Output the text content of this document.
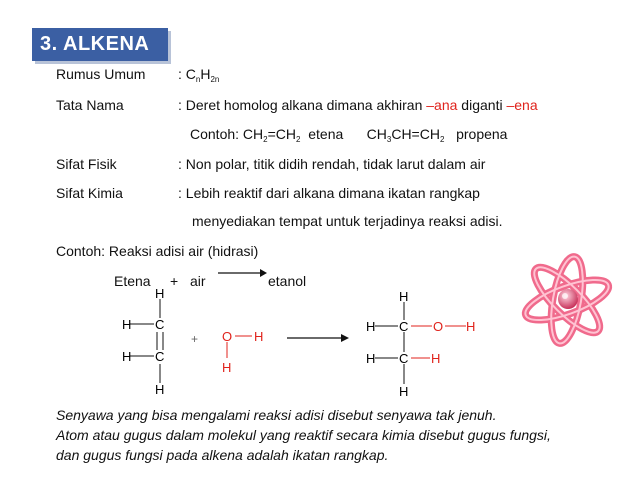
3. ALKENA
Rumus Umum : $C_nH_{2n}$
Tata Nama	: Deret homolog alkana dimana akhiran –ana diganti –ena
Contoh: $CH_2=CH_2$ etena $CH_3CH=CH_2$ propena
Sifat Fisik	: Non polar, titik didih rendah, tidak larut dalam air
Sifat Kimia	: Lebih reaktif dari alkana dimana ikatan rangkap
menyediakan tempat untuk terjadinya reaksi adisi.
Contoh: Reaksi adisi air (hidrasi)
Etena + air	etanol
H
H C
H C
H
+ O H
H
H
H C O H
H C H
H
Senyawa yang bisa mengalami reaksi adisi disebut senyawa tak jenuh.
Atom atau gugus dalam molekul yang reaktif secara kimia disebut gugus fungsi,
dan gugus fungsi pada alkena adalah ikatan rangkap.
